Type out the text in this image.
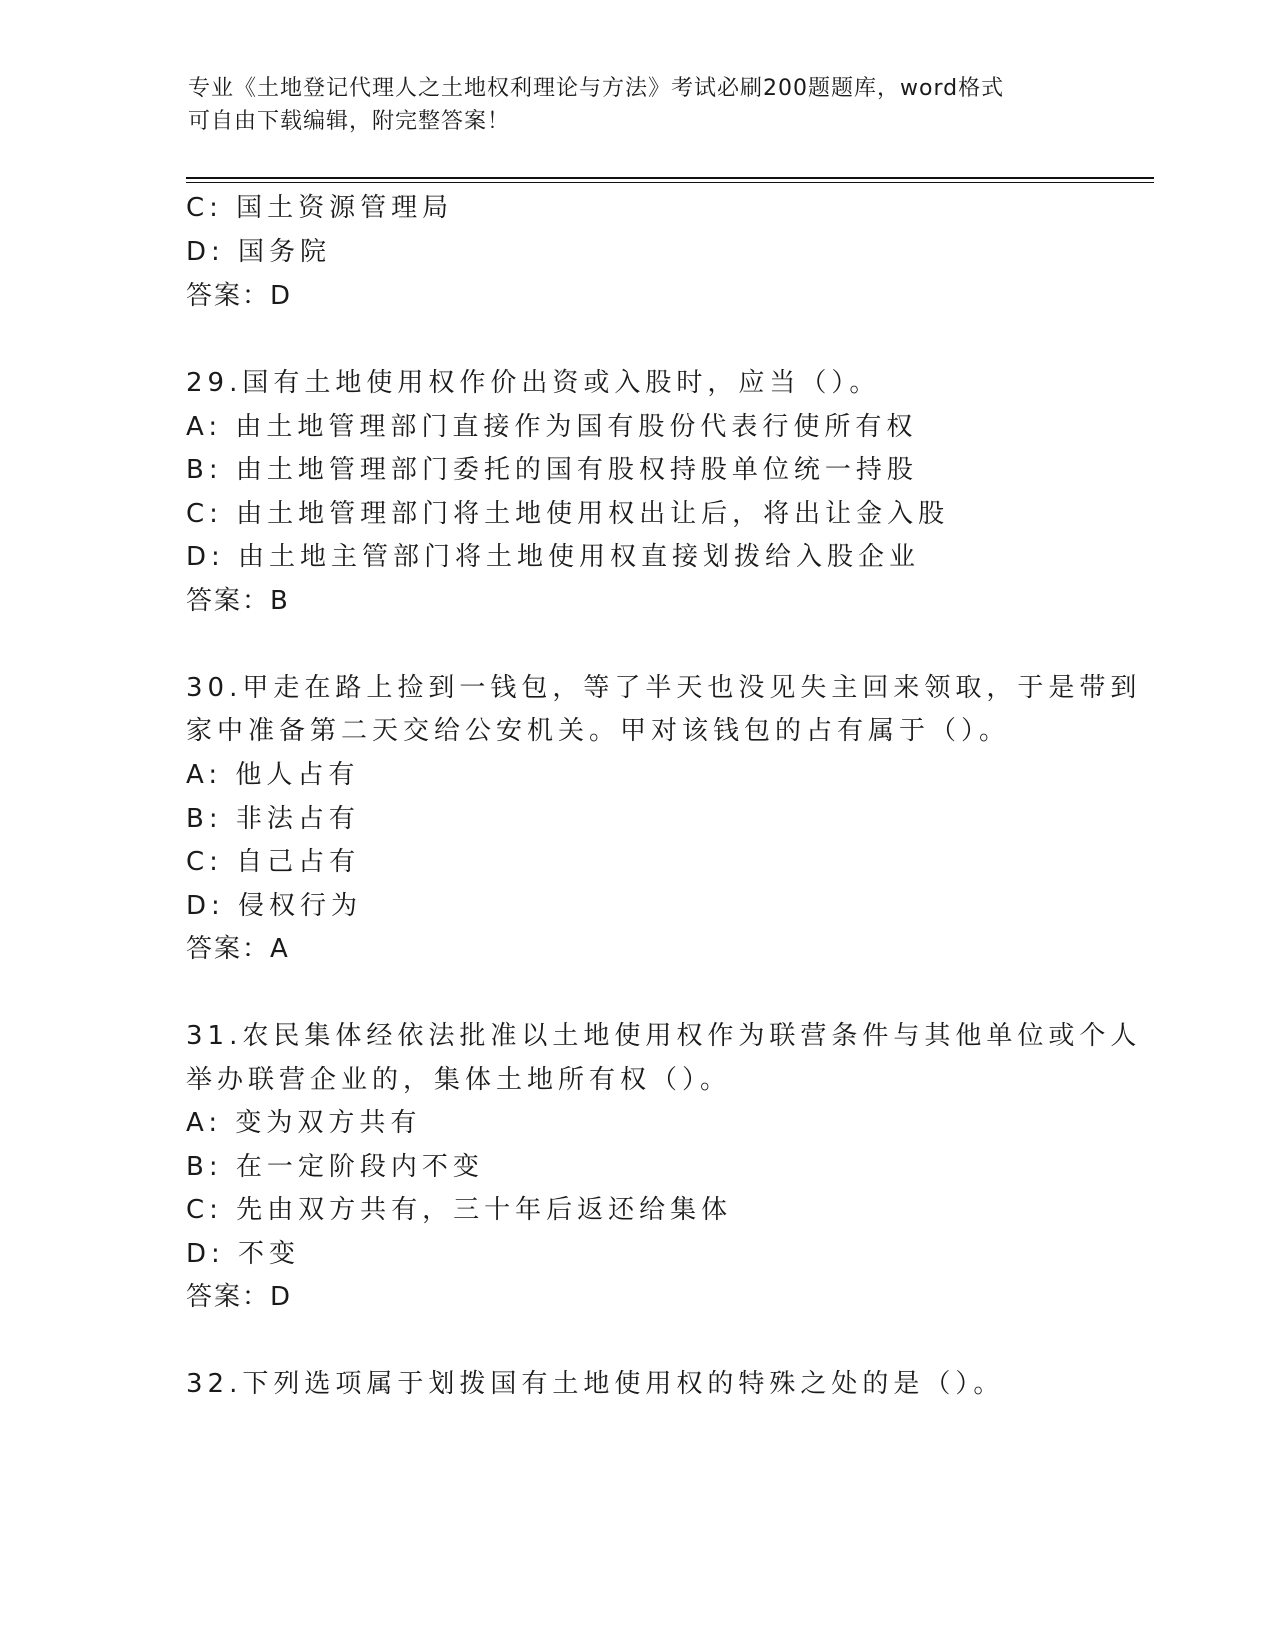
专业《土地登记代理人之土地权利理论与方法》考试必刷200题题库，word格式
可自由下载编辑，附完整答案！
C: 国土资源管理局
D: 国务院
答案：D
29.国有土地使用权作价出资或入股时，应当（）。
A: 由土地管理部门直接作为国有股份代表行使所有权
B: 由土地管理部门委托的国有股权持股单位统一持股
C: 由土地管理部门将土地使用权出让后，将出让金入股
D: 由土地主管部门将土地使用权直接划拨给入股企业
答案：B
30.甲走在路上捡到一钱包，等了半天也没见失主回来领取，于是带到
家中准备第二天交给公安机关。甲对该钱包的占有属于（）。
A: 他人占有
B: 非法占有
C: 自己占有
D: 侵权行为
答案：A
31.农民集体经依法批准以土地使用权作为联营条件与其他单位或个人
举办联营企业的，集体土地所有权（）。
A: 变为双方共有
B: 在一定阶段内不变
C: 先由双方共有，三十年后返还给集体
D: 不变
答案：D
32.下列选项属于划拨国有土地使用权的特殊之处的是（）。
